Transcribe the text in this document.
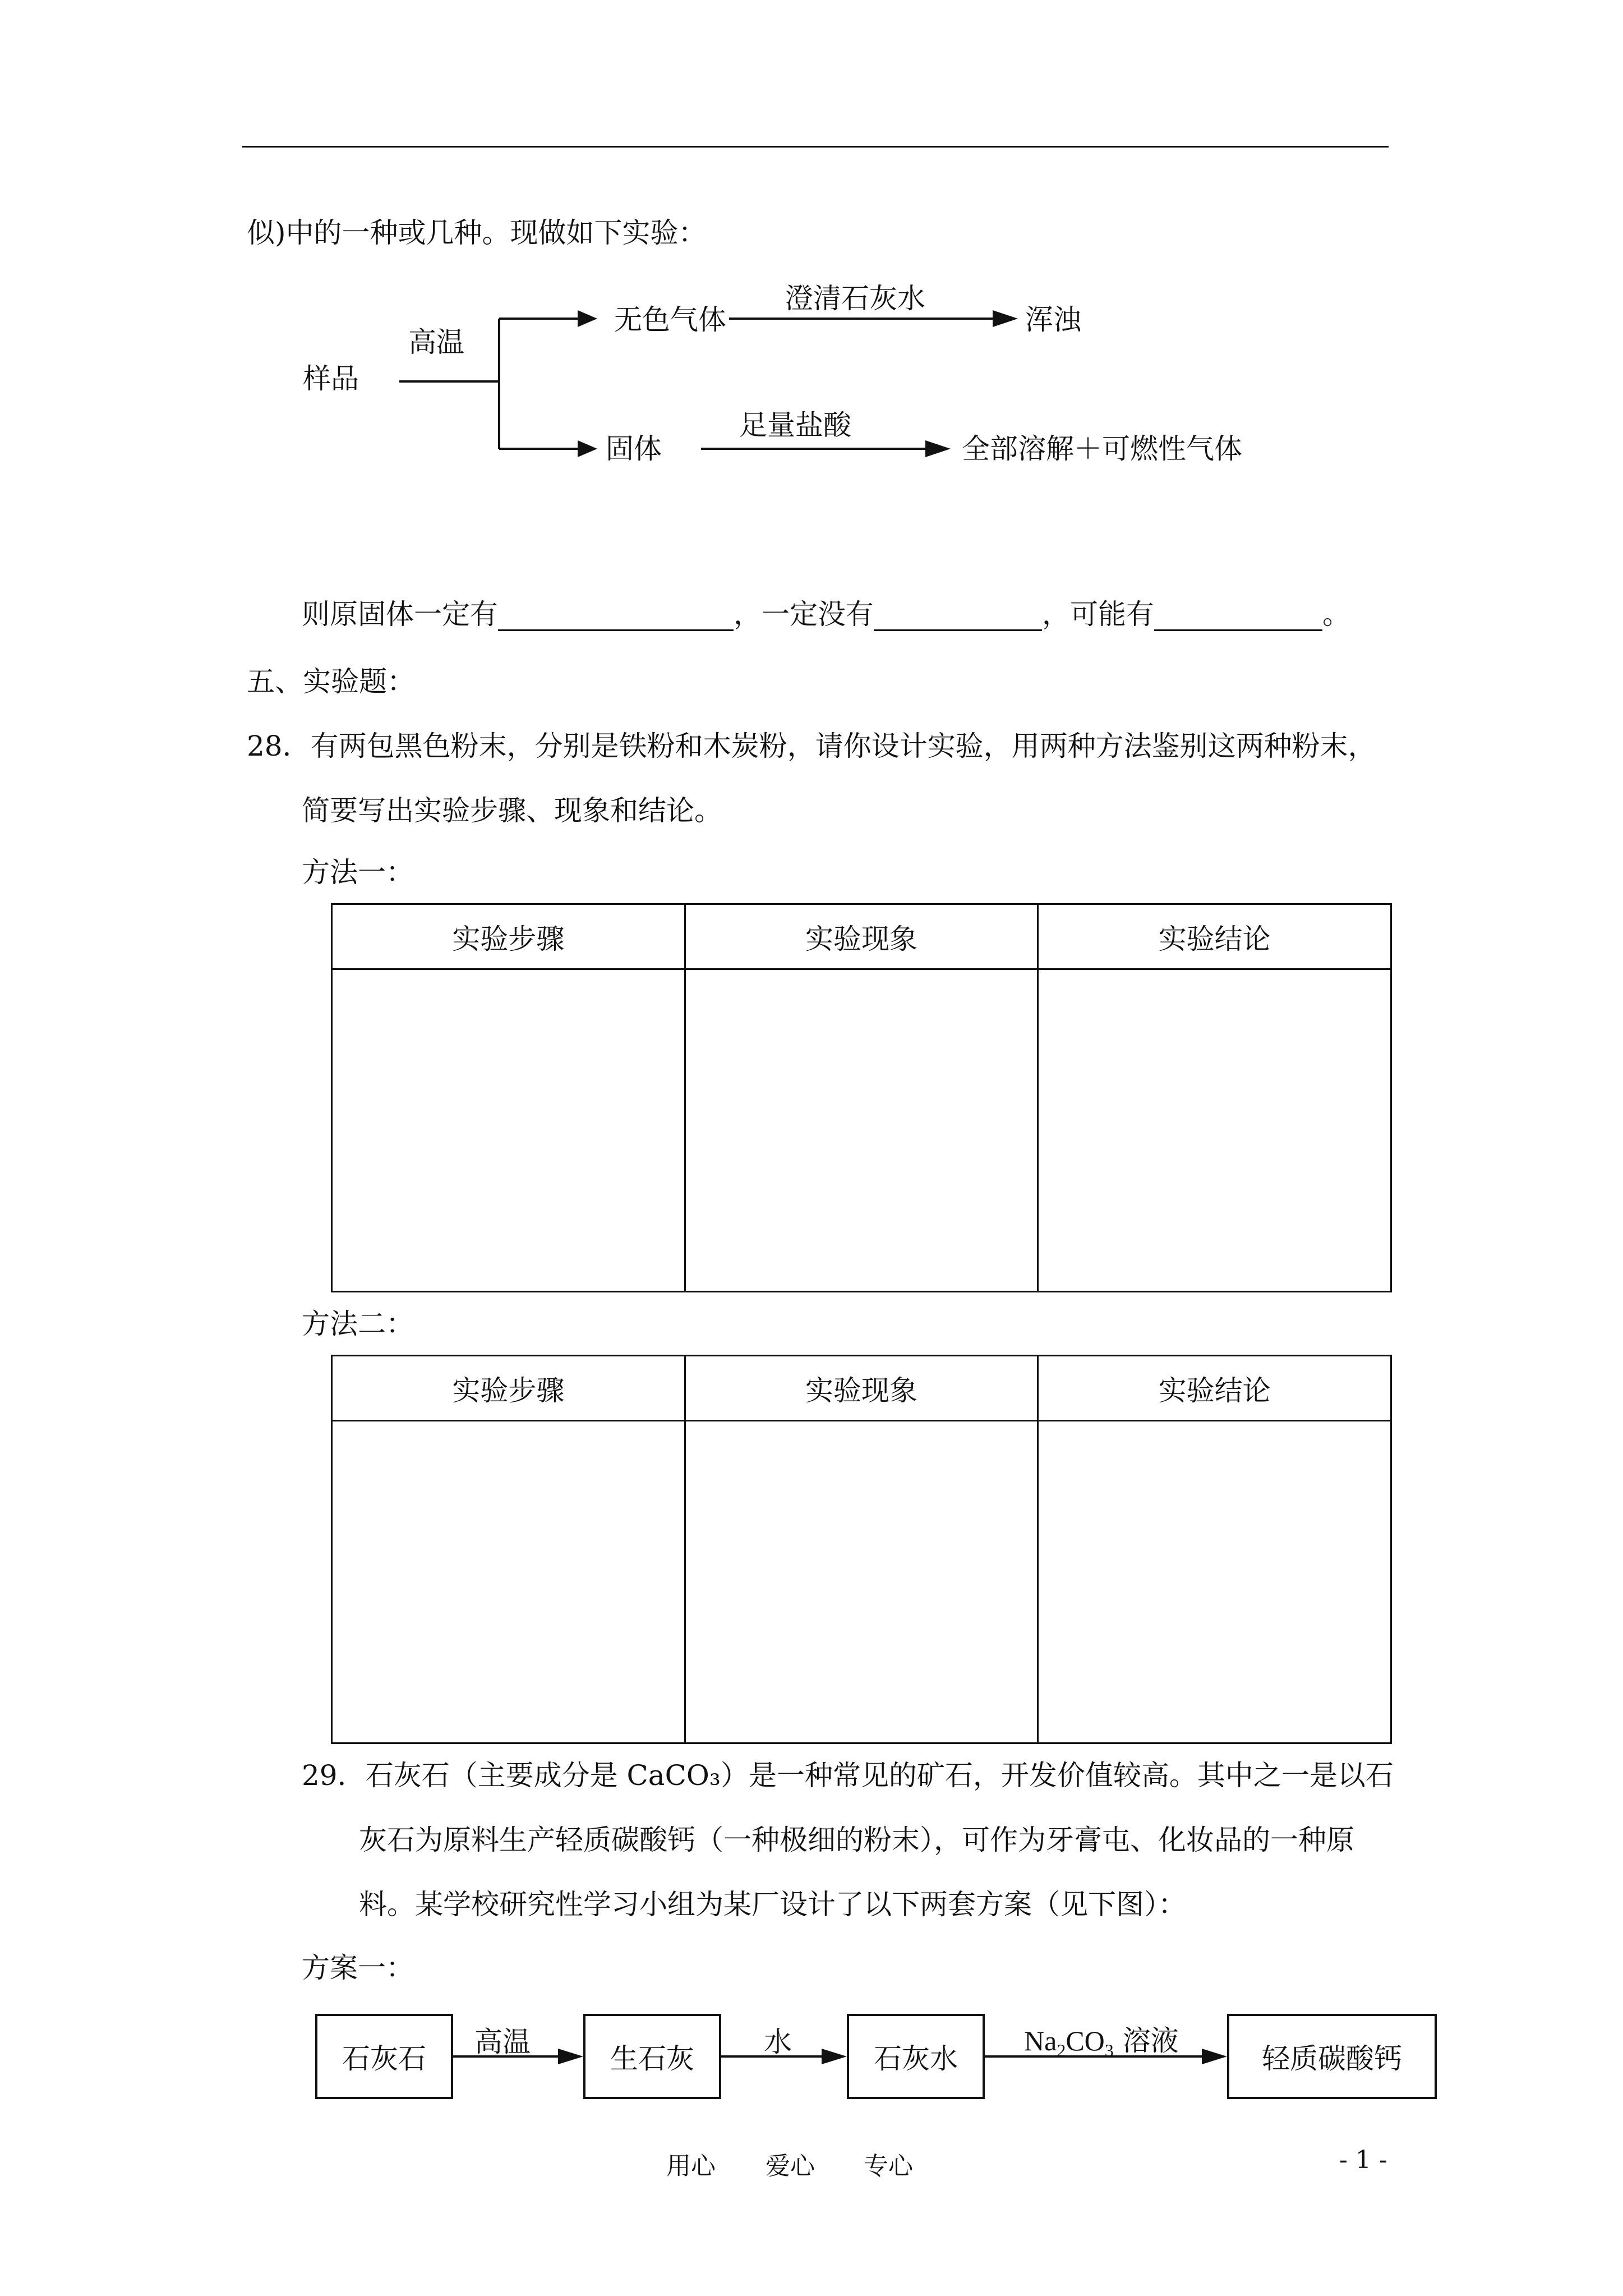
似)中的一种或几种。现做如下实验：
样品
高温
无色气体
澄清石灰水
浑浊
固体
足量盐酸
全部溶解＋可燃性气体
则原固体一定有	，一定没有	，可能有	。
五、实验题：
28．有两包黑色粉末，分别是铁粉和木炭粉，请你设计实验，用两种方法鉴别这两种粉末，
简要写出实验步骤、现象和结论。
方法一：
实验步骤	实验现象	实验结论

方法二：
实验步骤	实验现象	实验结论

29．石灰石（主要成分是 CaCO₃）是一种常见的矿石，开发价值较高。其中之一是以石
灰石为原料生产轻质碳酸钙（一种极细的粉末），可作为牙膏屯、化妆品的一种原
料。某学校研究性学习小组为某厂设计了以下两套方案（见下图）：
方案一：
石灰石	生石灰	石灰水	轻质碳酸钙
高温	水	$Na_2CO_3$ 溶液
用心 爱心 专心	- 1 -
